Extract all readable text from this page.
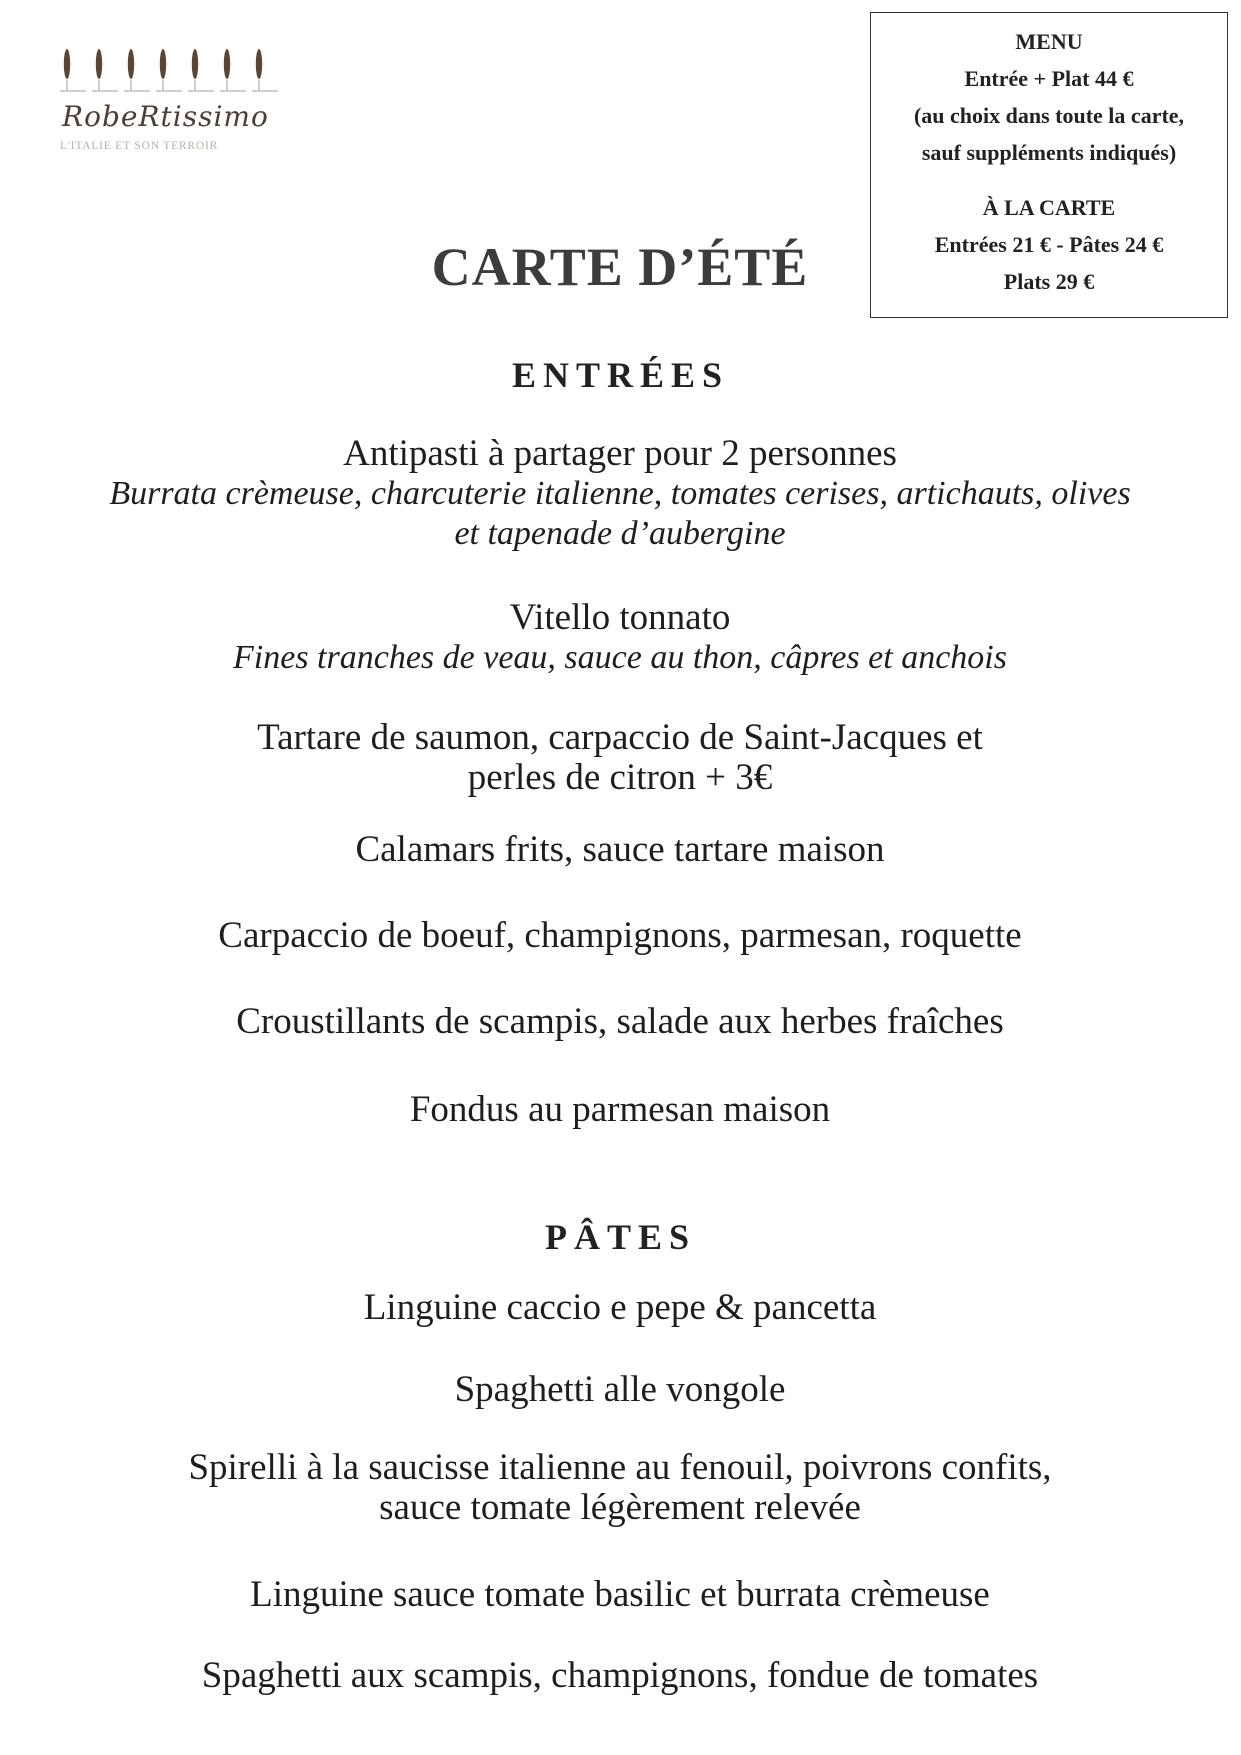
RobeRtissimo
L'ITALIE ET SON TERROIR
MENU
Entrée + Plat 44 €
(au choix dans toute la carte,
sauf suppléments indiqués)
À LA CARTE
Entrées 21 € - Pâtes 24 €
Plats 29 €
CARTE D’ÉTÉ
ENTRÉES
Antipasti à partager pour 2 personnes
Burrata crèmeuse, charcuterie italienne, tomates cerises, artichauts, olives
et tapenade d’aubergine
Vitello tonnato
Fines tranches de veau, sauce au thon, câpres et anchois
Tartare de saumon, carpaccio de Saint-Jacques et
perles de citron + 3€
Calamars frits, sauce tartare maison
Carpaccio de boeuf, champignons, parmesan, roquette
Croustillants de scampis, salade aux herbes fraîches
Fondus au parmesan maison
PÂTES
Linguine caccio e pepe & pancetta
Spaghetti alle vongole
Spirelli à la saucisse italienne au fenouil, poivrons confits,
sauce tomate légèrement relevée
Linguine sauce tomate basilic et burrata crèmeuse
Spaghetti aux scampis, champignons, fondue de tomates
